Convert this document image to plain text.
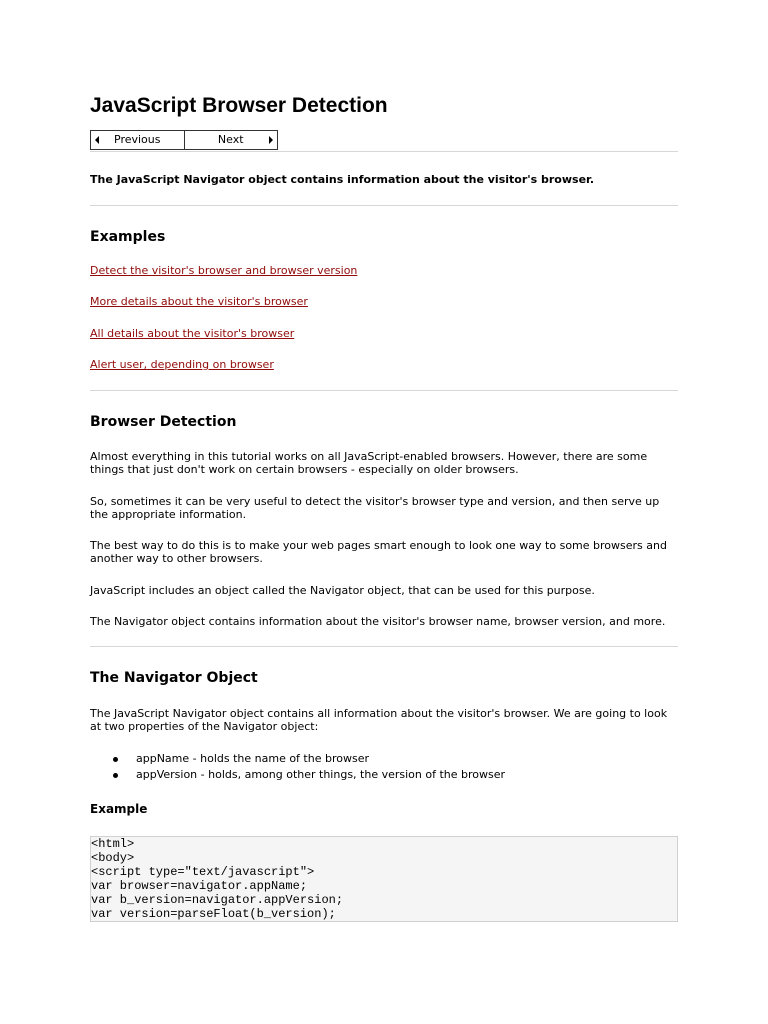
JavaScript Browser Detection
Previous	Next
The JavaScript Navigator object contains information about the visitor's browser.
Examples
Detect the visitor's browser and browser version
More details about the visitor's browser
All details about the visitor's browser
Alert user, depending on browser
Browser Detection

Almost everything in this tutorial works on all JavaScript-enabled browsers. However, there are some things that just don't work on certain browsers - especially on older browsers.

So, sometimes it can be very useful to detect the visitor's browser type and version, and then serve up the appropriate information.

The best way to do this is to make your web pages smart enough to look one way to some browsers and another way to other browsers.

JavaScript includes an object called the Navigator object, that can be used for this purpose.

The Navigator object contains information about the visitor's browser name, browser version, and more.

The Navigator Object

The JavaScript Navigator object contains all information about the visitor's browser. We are going to look at two properties of the Navigator object:

appName - holds the name of the browser
appVersion - holds, among other things, the version of the browser
Example
<html>
<body>
<script type="text/javascript">
var browser=navigator.appName;
var b_version=navigator.appVersion;
var version=parseFloat(b_version);
